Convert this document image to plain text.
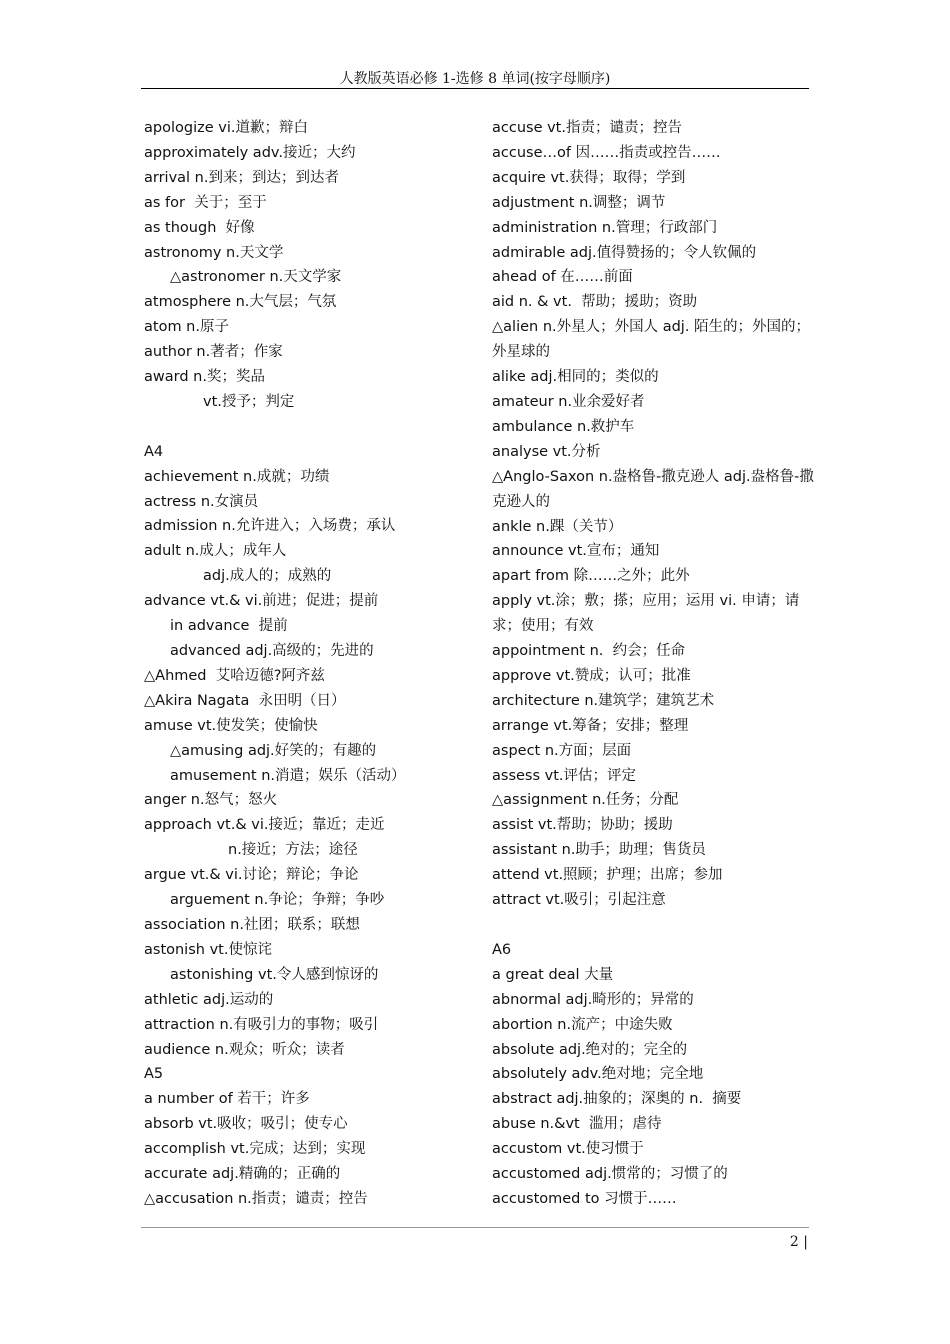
人教版英语必修 1-选修 8 单词(按字母顺序)
apologize vi.道歉；辩白
approximately adv.接近；大约
arrival n.到来；到达；到达者
as for  关于；至于
as though  好像
astronomy n.天文学
△astronomer n.天文学家
atmosphere n.大气层；气氛
atom n.原子
author n.著者；作家
award n.奖；奖品
vt.授予；判定
A4
achievement n.成就；功绩
actress n.女演员
admission n.允许进入；入场费；承认
adult n.成人；成年人
adj.成人的；成熟的
advance vt.& vi.前进；促进；提前
in advance  提前
advanced adj.高级的；先进的
△Ahmed  艾哈迈德?阿齐兹
△Akira Nagata  永田明（日）
amuse vt.使发笑；使愉快
△amusing adj.好笑的；有趣的
amusement n.消遣；娱乐（活动）
anger n.怒气；怒火
approach vt.& vi.接近；靠近；走近
n.接近；方法；途径
argue vt.& vi.讨论；辩论；争论
arguement n.争论；争辩；争吵
association n.社团；联系；联想
astonish vt.使惊诧
astonishing vt.令人感到惊讶的
athletic adj.运动的
attraction n.有吸引力的事物；吸引
audience n.观众；听众；读者
A5
a number of 若干；许多
absorb vt.吸收；吸引；使专心
accomplish vt.完成；达到；实现
accurate adj.精确的；正确的
△accusation n.指责；谴责；控告
accuse vt.指责；谴责；控告
accuse…of 因……指责或控告……
acquire vt.获得；取得；学到
adjustment n.调整；调节
administration n.管理；行政部门
admirable adj.值得赞扬的；令人钦佩的
ahead of 在……前面
aid n. & vt.  帮助；援助；资助
△alien n.外星人；外国人 adj. 陌生的；外国的；外星球的
alike adj.相同的；类似的
amateur n.业余爱好者
ambulance n.救护车
analyse vt.分析
△Anglo-Saxon n.盎格鲁-撒克逊人 adj.盎格鲁-撒克逊人的
ankle n.踝（关节）
announce vt.宣布；通知
apart from 除……之外；此外
apply vt.涂；敷；搽；应用；运用 vi. 申请；请求；使用；有效
appointment n.  约会；任命
approve vt.赞成；认可；批准
architecture n.建筑学；建筑艺术
arrange vt.筹备；安排；整理
aspect n.方面；层面
assess vt.评估；评定
△assignment n.任务；分配
assist vt.帮助；协助；援助
assistant n.助手；助理；售货员
attend vt.照顾；护理；出席；参加
attract vt.吸引；引起注意
A6
a great deal 大量
abnormal adj.畸形的；异常的
abortion n.流产；中途失败
absolute adj.绝对的；完全的
absolutely adv.绝对地；完全地
abstract adj.抽象的；深奥的 n.  摘要
abuse n.&vt  滥用；虐待
accustom vt.使习惯于
accustomed adj.惯常的；习惯了的
accustomed to 习惯于……
2 |
